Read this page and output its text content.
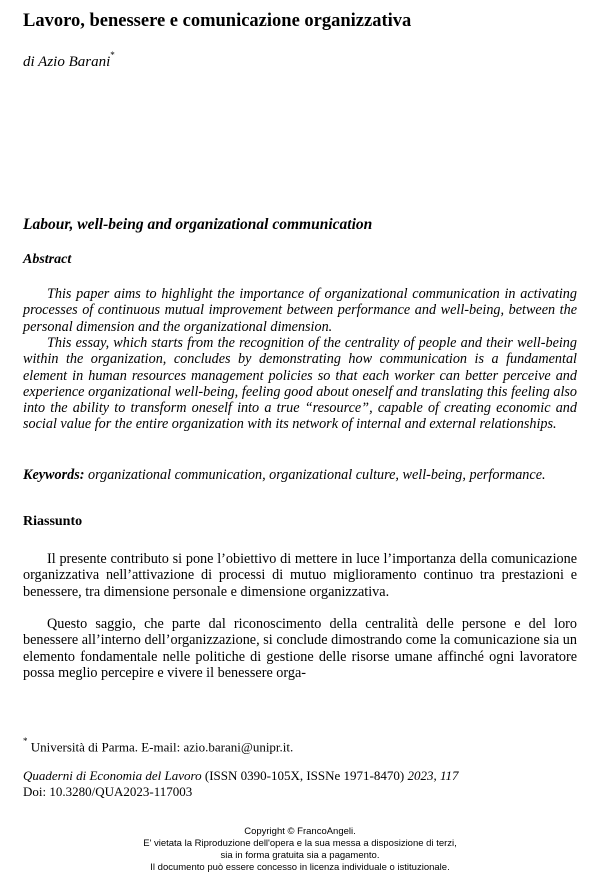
Lavoro, benessere e comunicazione organizzativa
di Azio Barani*
Labour, well-being and organizational communication
Abstract
This paper aims to highlight the importance of organizational communication in activating processes of continuous mutual improvement between performance and well-being, between the personal dimension and the organizational dimension.
This essay, which starts from the recognition of the centrality of people and their well-being within the organization, concludes by demonstrating how communication is a fundamental element in human resources management policies so that each worker can better perceive and experience organizational well-being, feeling good about oneself and translating this feeling also into the ability to transform oneself into a true “resource”, capable of creating economic and social value for the entire organization with its network of internal and external relationships.
Keywords: organizational communication, organizational culture, well-being, performance.
Riassunto
Il presente contributo si pone l’obiettivo di mettere in luce l’importanza della comunicazione organizzativa nell’attivazione di processi di mutuo miglioramento continuo tra prestazioni e benessere, tra dimensione personale e dimensione organizzativa.
Questo saggio, che parte dal riconoscimento della centralità delle persone e del loro benessere all’interno dell’organizzazione, si conclude dimostrando come la comunicazione sia un elemento fondamentale nelle politiche di gestione delle risorse umane affinché ogni lavoratore possa meglio percepire e vivere il benessere orga-
* Università di Parma. E-mail: azio.barani@unipr.it.
Quaderni di Economia del Lavoro (ISSN 0390-105X, ISSNe 1971-8470) 2023, 117
Doi: 10.3280/QUA2023-117003
Copyright © FrancoAngeli.
E' vietata la Riproduzione dell'opera e la sua messa a disposizione di terzi,
sia in forma gratuita sia a pagamento.
Il documento può essere concesso in licenza individuale o istituzionale.
